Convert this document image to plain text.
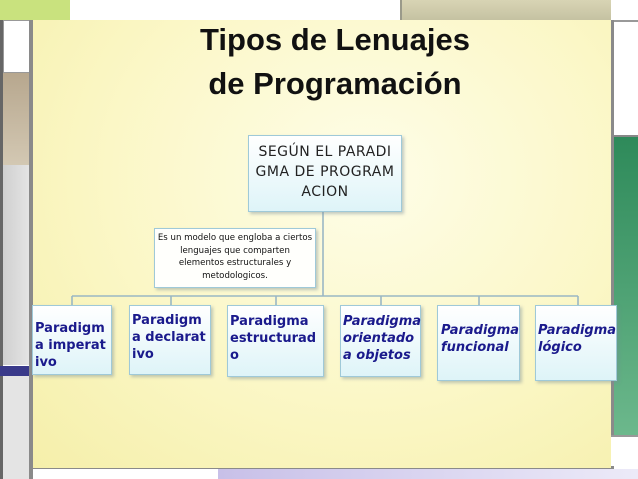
Tipos de Lenuajes
de Programación
SEGÚN EL PARADIGMA DE PROGRAMACION
Es un modelo que engloba a ciertos lenguajes que comparten elementos estructurales y metodologicos.
Paradigma imperativo
Paradigma declarativo
Paradigma estructurado
Paradigma orientado a objetos
Paradigma funcional
Paradigma lógico
